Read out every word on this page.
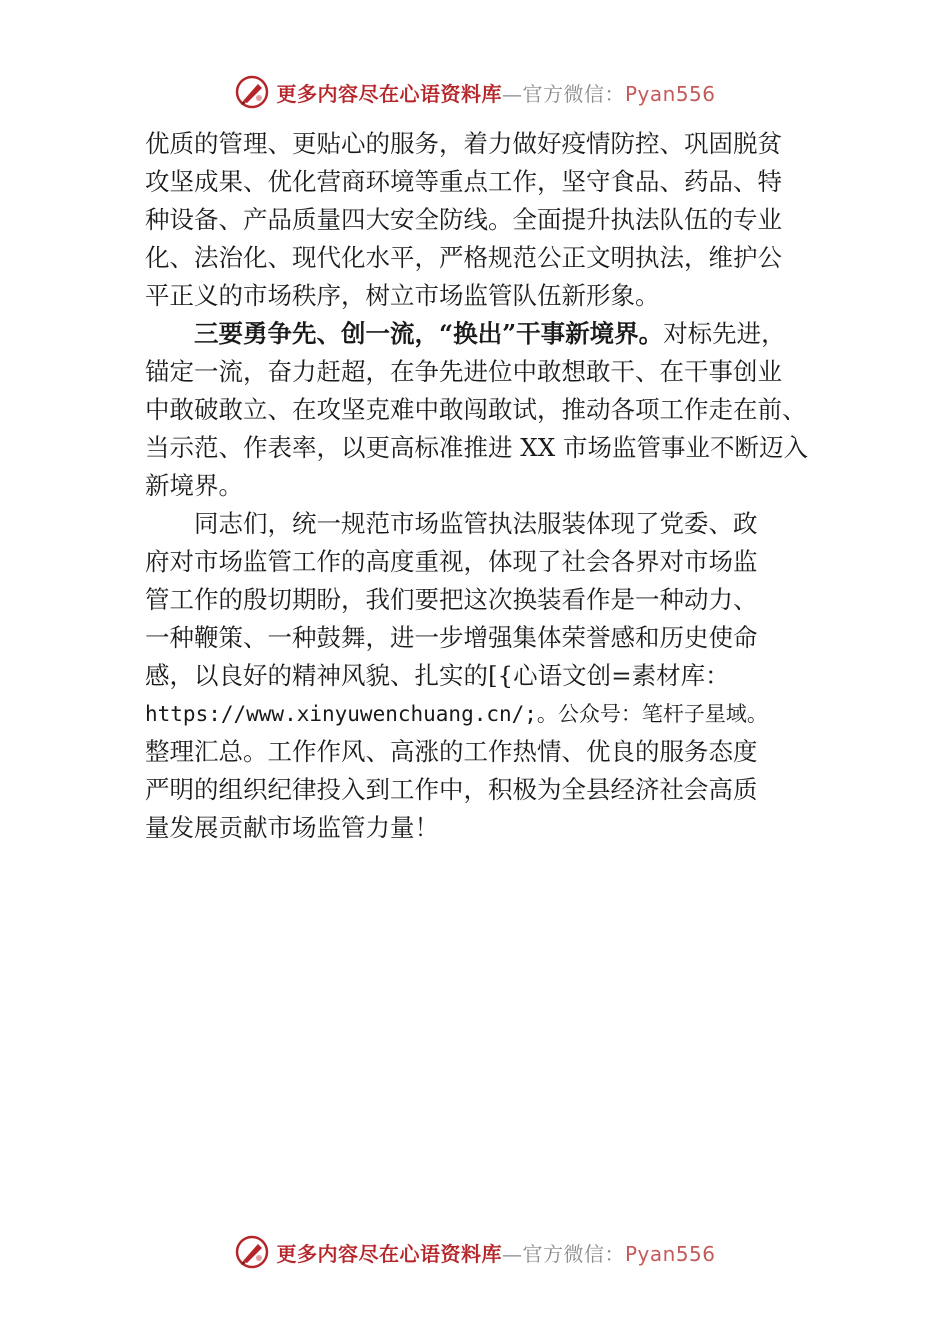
更多内容尽在心语资料库—官方微信：Pyan556
优质的管理、更贴心的服务，着力做好疫情防控、巩固脱贫
攻坚成果、优化营商环境等重点工作，坚守食品、药品、特
种设备、产品质量四大安全防线。全面提升执法队伍的专业
化、法治化、现代化水平，严格规范公正文明执法，维护公
平正义的市场秩序，树立市场监管队伍新形象。
三要勇争先、创一流，“换出”干事新境界。对标先进，
锚定一流，奋力赶超，在争先进位中敢想敢干、在干事创业
中敢破敢立、在攻坚克难中敢闯敢试，推动各项工作走在前、
当示范、作表率，以更高标准推进 XX 市场监管事业不断迈入
新境界。
同志们，统一规范市场监管执法服装体现了党委、政
府对市场监管工作的高度重视，体现了社会各界对市场监
管工作的殷切期盼，我们要把这次换装看作是一种动力、
一种鞭策、一种鼓舞，进一步增强集体荣誉感和历史使命
感，以良好的精神风貌、扎实的[{心语文创=素材库：
https://www.xinyuwenchuang.cn/;。公众号：笔杆子星域。
整理汇总。工作作风、高涨的工作热情、优良的服务态度
严明的组织纪律投入到工作中，积极为全县经济社会高质
量发展贡献市场监管力量！
更多内容尽在心语资料库—官方微信：Pyan556
